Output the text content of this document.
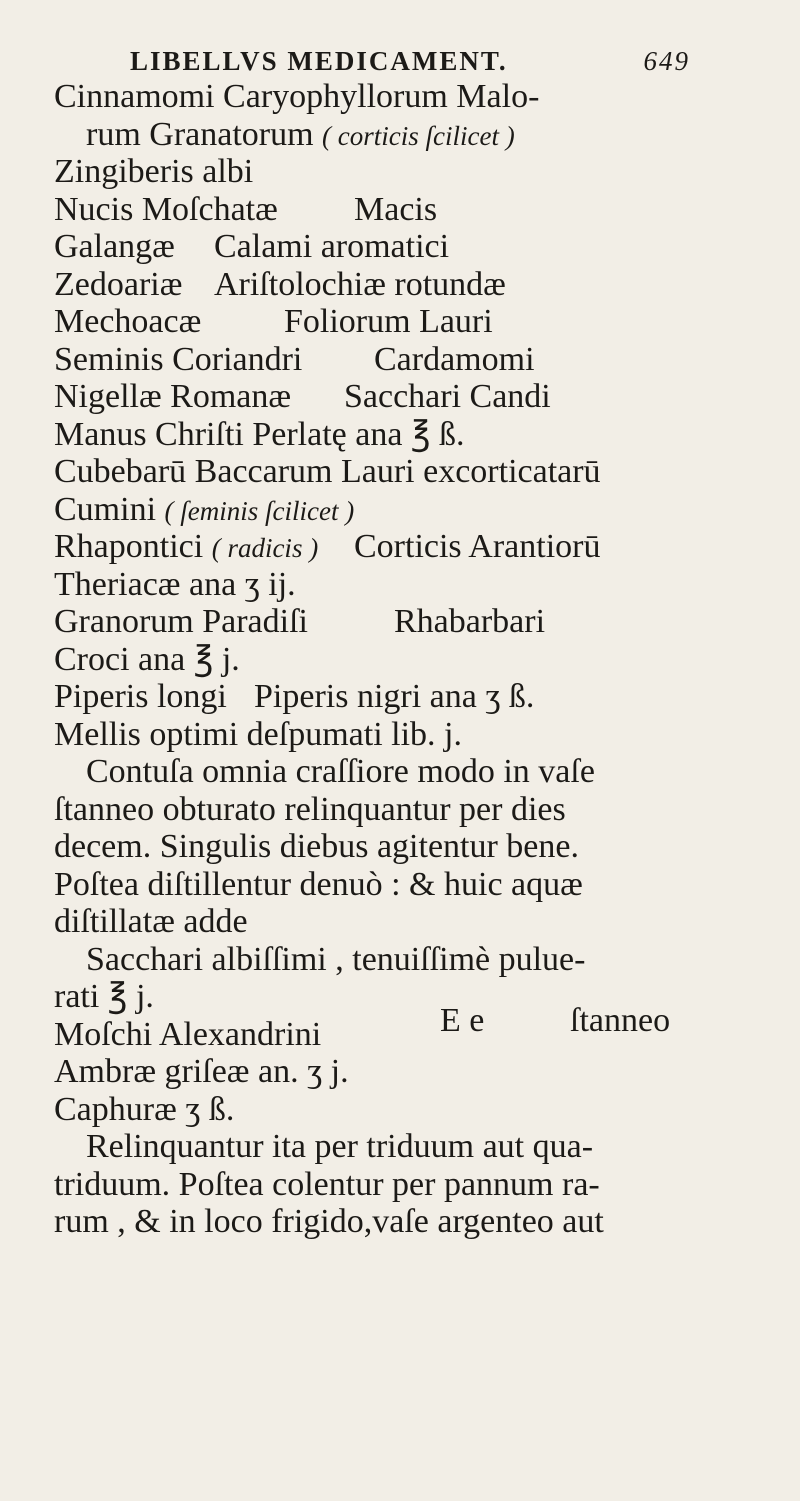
LIBELLVS MEDICAMENT.	649
Cinnamomi Caryophyllorum Malo-
rum Granatorum ( corticis ſcilicet )
Zingiberis albi
Nucis Moſchatæ Macis
Galangæ Calami aromatici
Zedoariæ Ariſtolochiæ rotundæ
Mechoacæ Foliorum Lauri
Seminis Coriandri Cardamomi
Nigellæ Romanæ Sacchari Candi
Manus Chriſti Perlatę ana ℥ ß.
Cubebarū Baccarum Lauri excorticatarū
Cumini ( ſeminis ſcilicet )
Rhapontici ( radicis ) Corticis Arantiorū
Theriacæ ana ʒ ij.
Granorum Paradiſi	Rhabarbari
Croci ana ℥ j.
Piperis longi Piperis nigri ana ʒ ß.
Mellis optimi deſpumati lib. j.
Contuſa omnia craſſiore modo in vaſe
ſtanneo obturato relinquantur per dies
decem. Singulis diebus agitentur bene.
Poſtea diſtillentur denuò : & huic aquæ
diſtillatæ adde
Sacchari albiſſimi , tenuiſſimè pulue-
rati ℥ j.
Moſchi Alexandrini
Ambræ griſeæ an. ʒ j.
Caphuræ ʒ ß.
Relinquantur ita per triduum aut qua-
triduum. Poſtea colentur per pannum ra-
rum , & in loco frigido,vaſe argenteo aut
E e	ſtanneo
